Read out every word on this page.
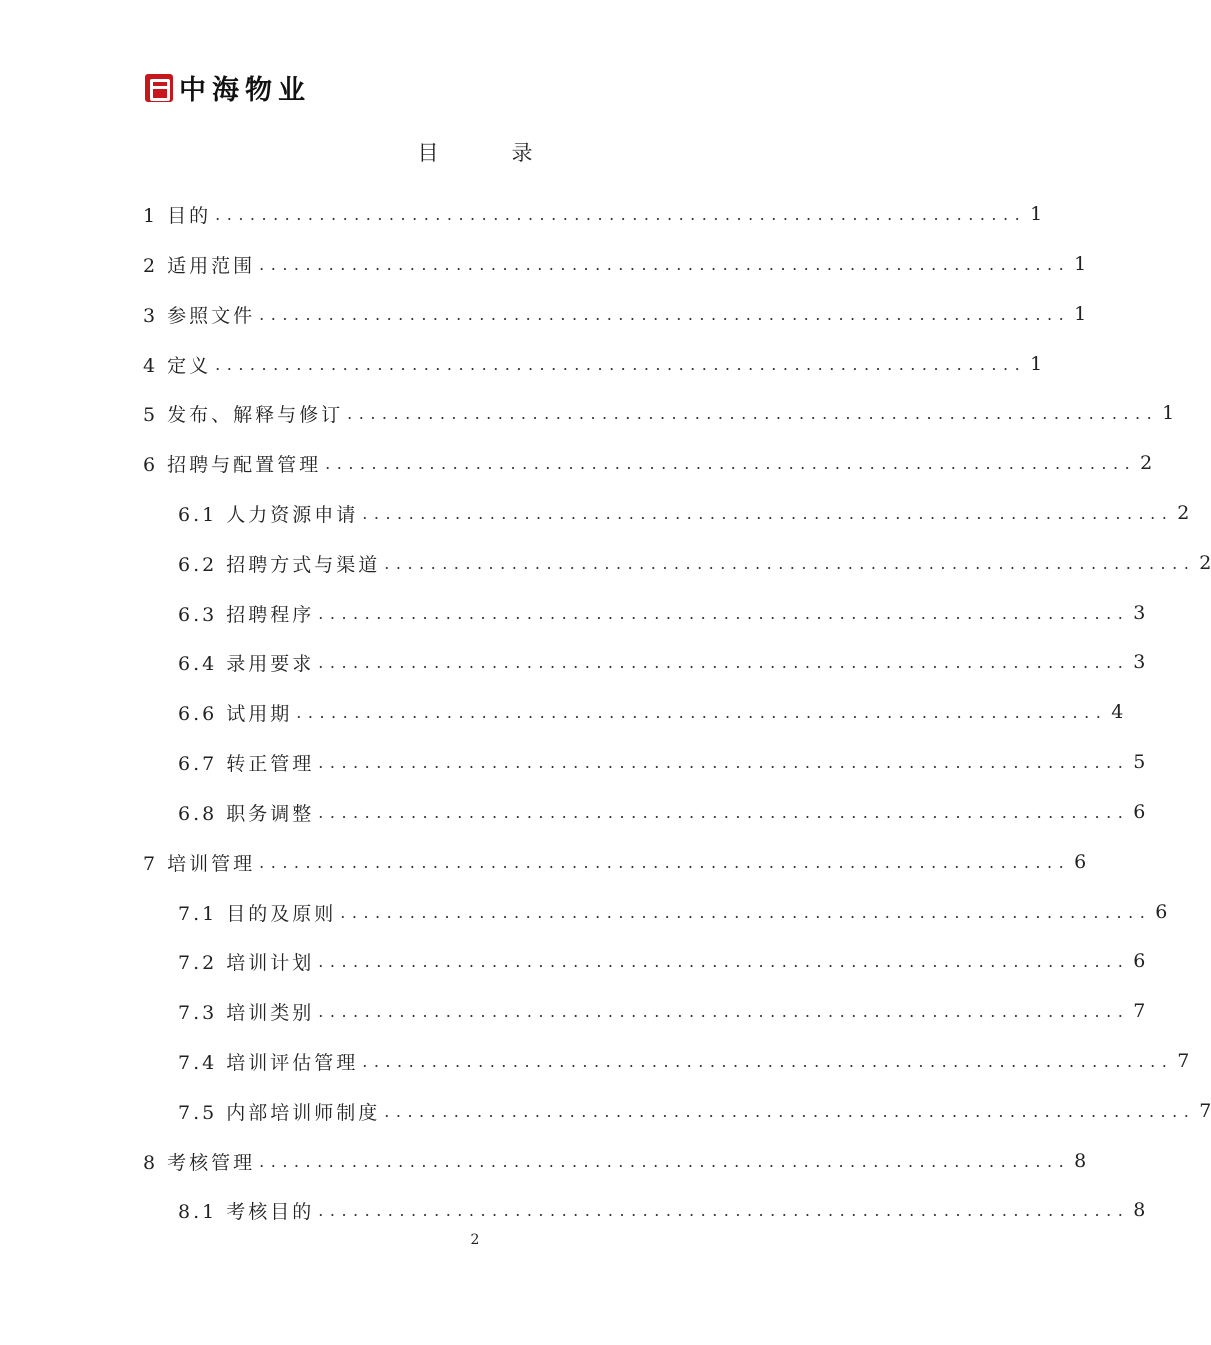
中海物业
目　录
1 目的 ...................................................................... 1
2 适用范围 ...................................................................... 1
3 参照文件 ...................................................................... 1
4 定义 ...................................................................... 1
5 发布、解释与修订 ...................................................................... 1
6 招聘与配置管理 ...................................................................... 2
6.1 人力资源申请 ...................................................................... 2
6.2 招聘方式与渠道 ...................................................................... 2
6.3 招聘程序 ...................................................................... 3
6.4 录用要求 ...................................................................... 3
6.6 试用期 ...................................................................... 4
6.7 转正管理 ...................................................................... 5
6.8 职务调整 ...................................................................... 6
7 培训管理 ...................................................................... 6
7.1 目的及原则 ...................................................................... 6
7.2 培训计划 ...................................................................... 6
7.3 培训类别 ...................................................................... 7
7.4 培训评估管理 ...................................................................... 7
7.5 内部培训师制度 ...................................................................... 7
8 考核管理 ...................................................................... 8
8.1 考核目的 ...................................................................... 8
2
